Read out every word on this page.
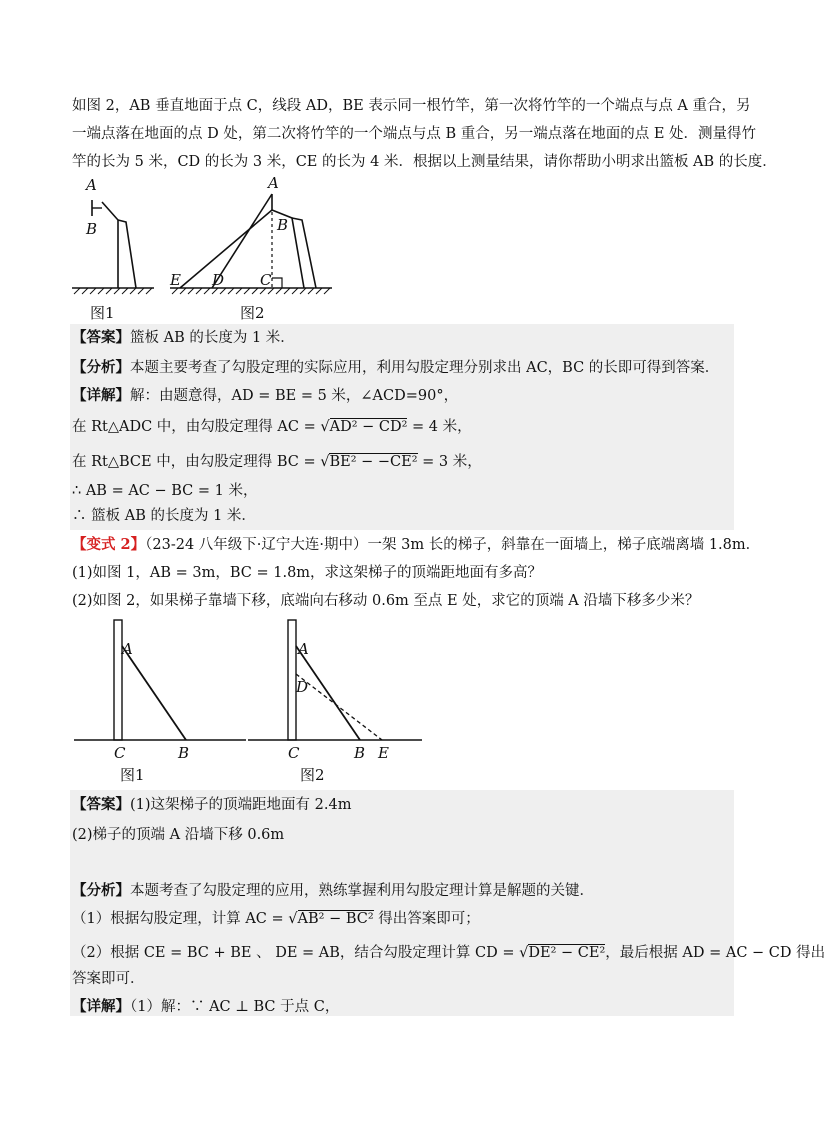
如图 2，AB 垂直地面于点 C，线段 AD，BE 表示同一根竹竿，第一次将竹竿的一个端点与点 A 重合，另
一端点落在地面的点 D 处，第二次将竹竿的一个端点与点 B 重合，另一端点落在地面的点 E 处．测量得竹
竿的长为 5 米，CD 的长为 3 米，CE 的长为 4 米．根据以上测量结果，请你帮助小明求出篮板 AB 的长度．
A
B
A
B
E D C
图1	图2
【答案】篮板 AB 的长度为 1 米．
【分析】本题主要考查了勾股定理的实际应用，利用勾股定理分别求出 AC，BC 的长即可得到答案．
【详解】解：由题意得，AD = BE = 5 米，∠ACD=90°，
在 Rt△ADC 中，由勾股定理得 AC = √AD² − CD² = 4 米，
在 Rt△BCE 中，由勾股定理得 BC = √BE² − −CE² = 3 米，
∴ AB = AC − BC = 1 米，
∴ 篮板 AB 的长度为 1 米．
【变式 2】（23-24 八年级下·辽宁大连·期中）一架 3m 长的梯子，斜靠在一面墙上，梯子底端离墙 1.8m．
(1)如图 1，AB = 3m，BC = 1.8m，求这架梯子的顶端距地面有多高？
(2)如图 2，如果梯子靠墙下移，底端向右移动 0.6m 至点 E 处，求它的顶端 A 沿墙下移多少米？
A
C	B
A
D
C	B E
图1	图2
【答案】(1)这架梯子的顶端距地面有 2.4m
(2)梯子的顶端 A 沿墙下移 0.6m
【分析】本题考查了勾股定理的应用，熟练掌握利用勾股定理计算是解题的关键．
（1）根据勾股定理，计算 AC = √AB² − BC² 得出答案即可；
（2）根据 CE = BC + BE 、 DE = AB，结合勾股定理计算 CD = √DE² − CE²，最后根据 AD = AC − CD 得出
答案即可．
【详解】（1）解：∵ AC ⊥ BC 于点 C，
